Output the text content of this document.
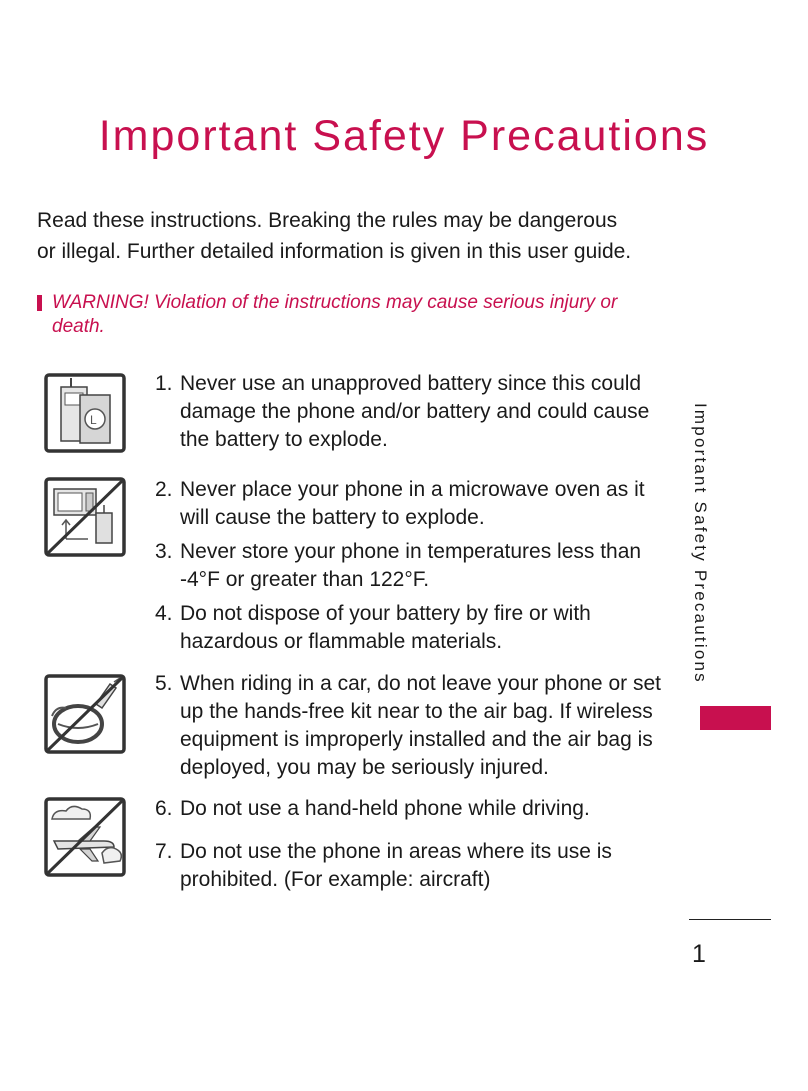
Important Safety Precautions

Read these instructions. Breaking the rules may be dangerous or illegal. Further detailed information is given in this user guide.

WARNING! Violation of the instructions may cause serious injury or death.
L
1. Never use an unapproved battery since this could damage the phone and/or battery and could cause the battery to explode.
2. Never place your phone in a microwave oven as it will cause the battery to explode.
3. Never store your phone in temperatures less than -4°F or greater than 122°F.
4. Do not dispose of your battery by fire or with hazardous or flammable materials.
5. When riding in a car, do not leave your phone or set up the hands-free kit near to the air bag. If wireless equipment is improperly installed and the air bag is deployed, you may be seriously injured.
6. Do not use a hand-held phone while driving.
7. Do not use the phone in areas where its use is prohibited. (For example: aircraft)
Important Safety Precautions
1
